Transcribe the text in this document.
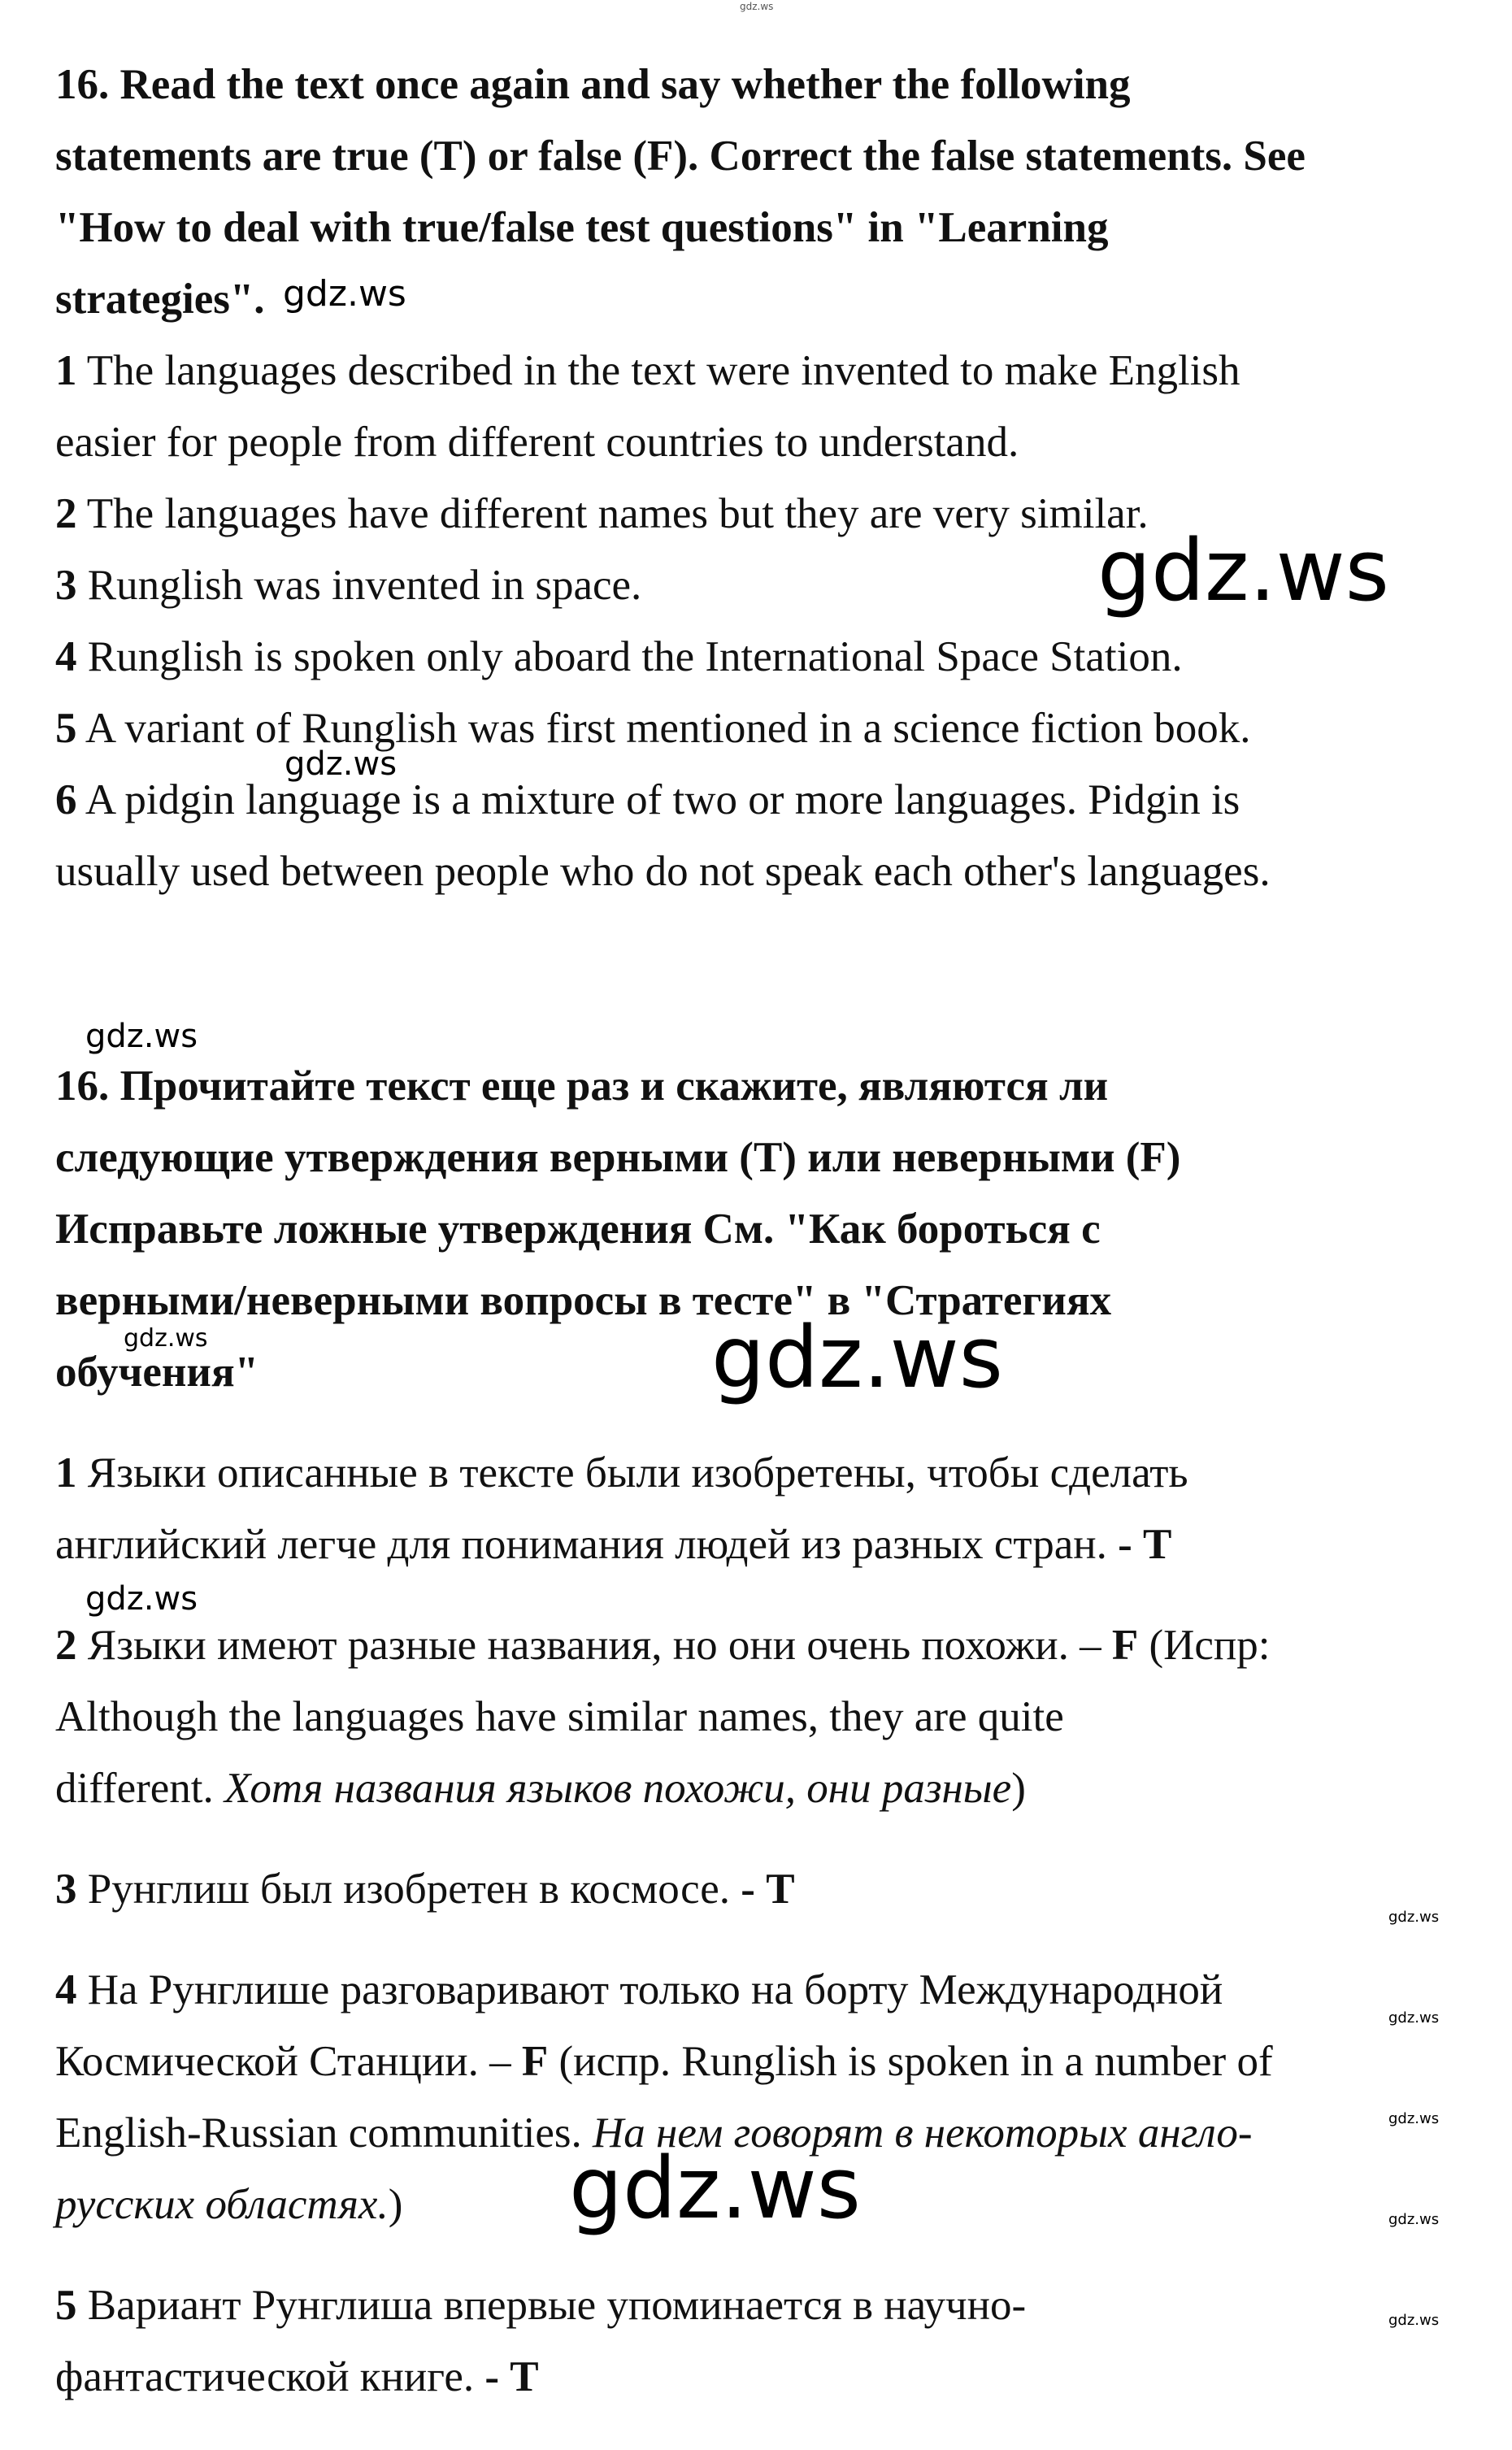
16. Read the text once again and say whether the following
statements are true (T) or false (F). Correct the false statements. See
"How to deal with true/false test questions" in "Learning
strategies".
1 The languages described in the text were invented to make English
easier for people from different countries to understand.
2 The languages have different names but they are very similar.
3 Runglish was invented in space.
4 Runglish is spoken only aboard the International Space Station.
5 A variant of Runglish was first mentioned in a science fiction book.
6 A pidgin language is a mixture of two or more languages. Pidgin is
usually used between people who do not speak each other's languages.
16. Прочитайте текст еще раз и скажите, являются ли
следующие утверждения верными (T) или неверными (F)
Исправьте ложные утверждения См. "Как бороться с
верными/неверными вопросы в тесте" в "Стратегиях
обучения"
1 Языки описанные в тексте были изобретены, чтобы сделать
английский легче для понимания людей из разных стран. - T
2 Языки имеют разные названия, но они очень похожи. – F (Испр:
Although the languages have similar names, they are quite
different. Хотя названия языков похожи, они разные)
3 Рунглиш был изобретен в космосе. - T
4 На Рунглише разговаривают только на борту Международной
Космической Станции. – F (испр. Runglish is spoken in a number of
English-Russian communities. На нем говорят в некоторых англо-
русских областях.)
5 Вариант Рунглиша впервые упоминается в научно-
фантастической книге. - T
gdz.ws
gdz.ws
gdz.ws
gdz.ws
gdz.ws
gdz.ws	gdz.ws
gdz.ws
gdz.ws
gdz.ws
gdz.ws
gdz.ws	gdz.ws
gdz.ws
